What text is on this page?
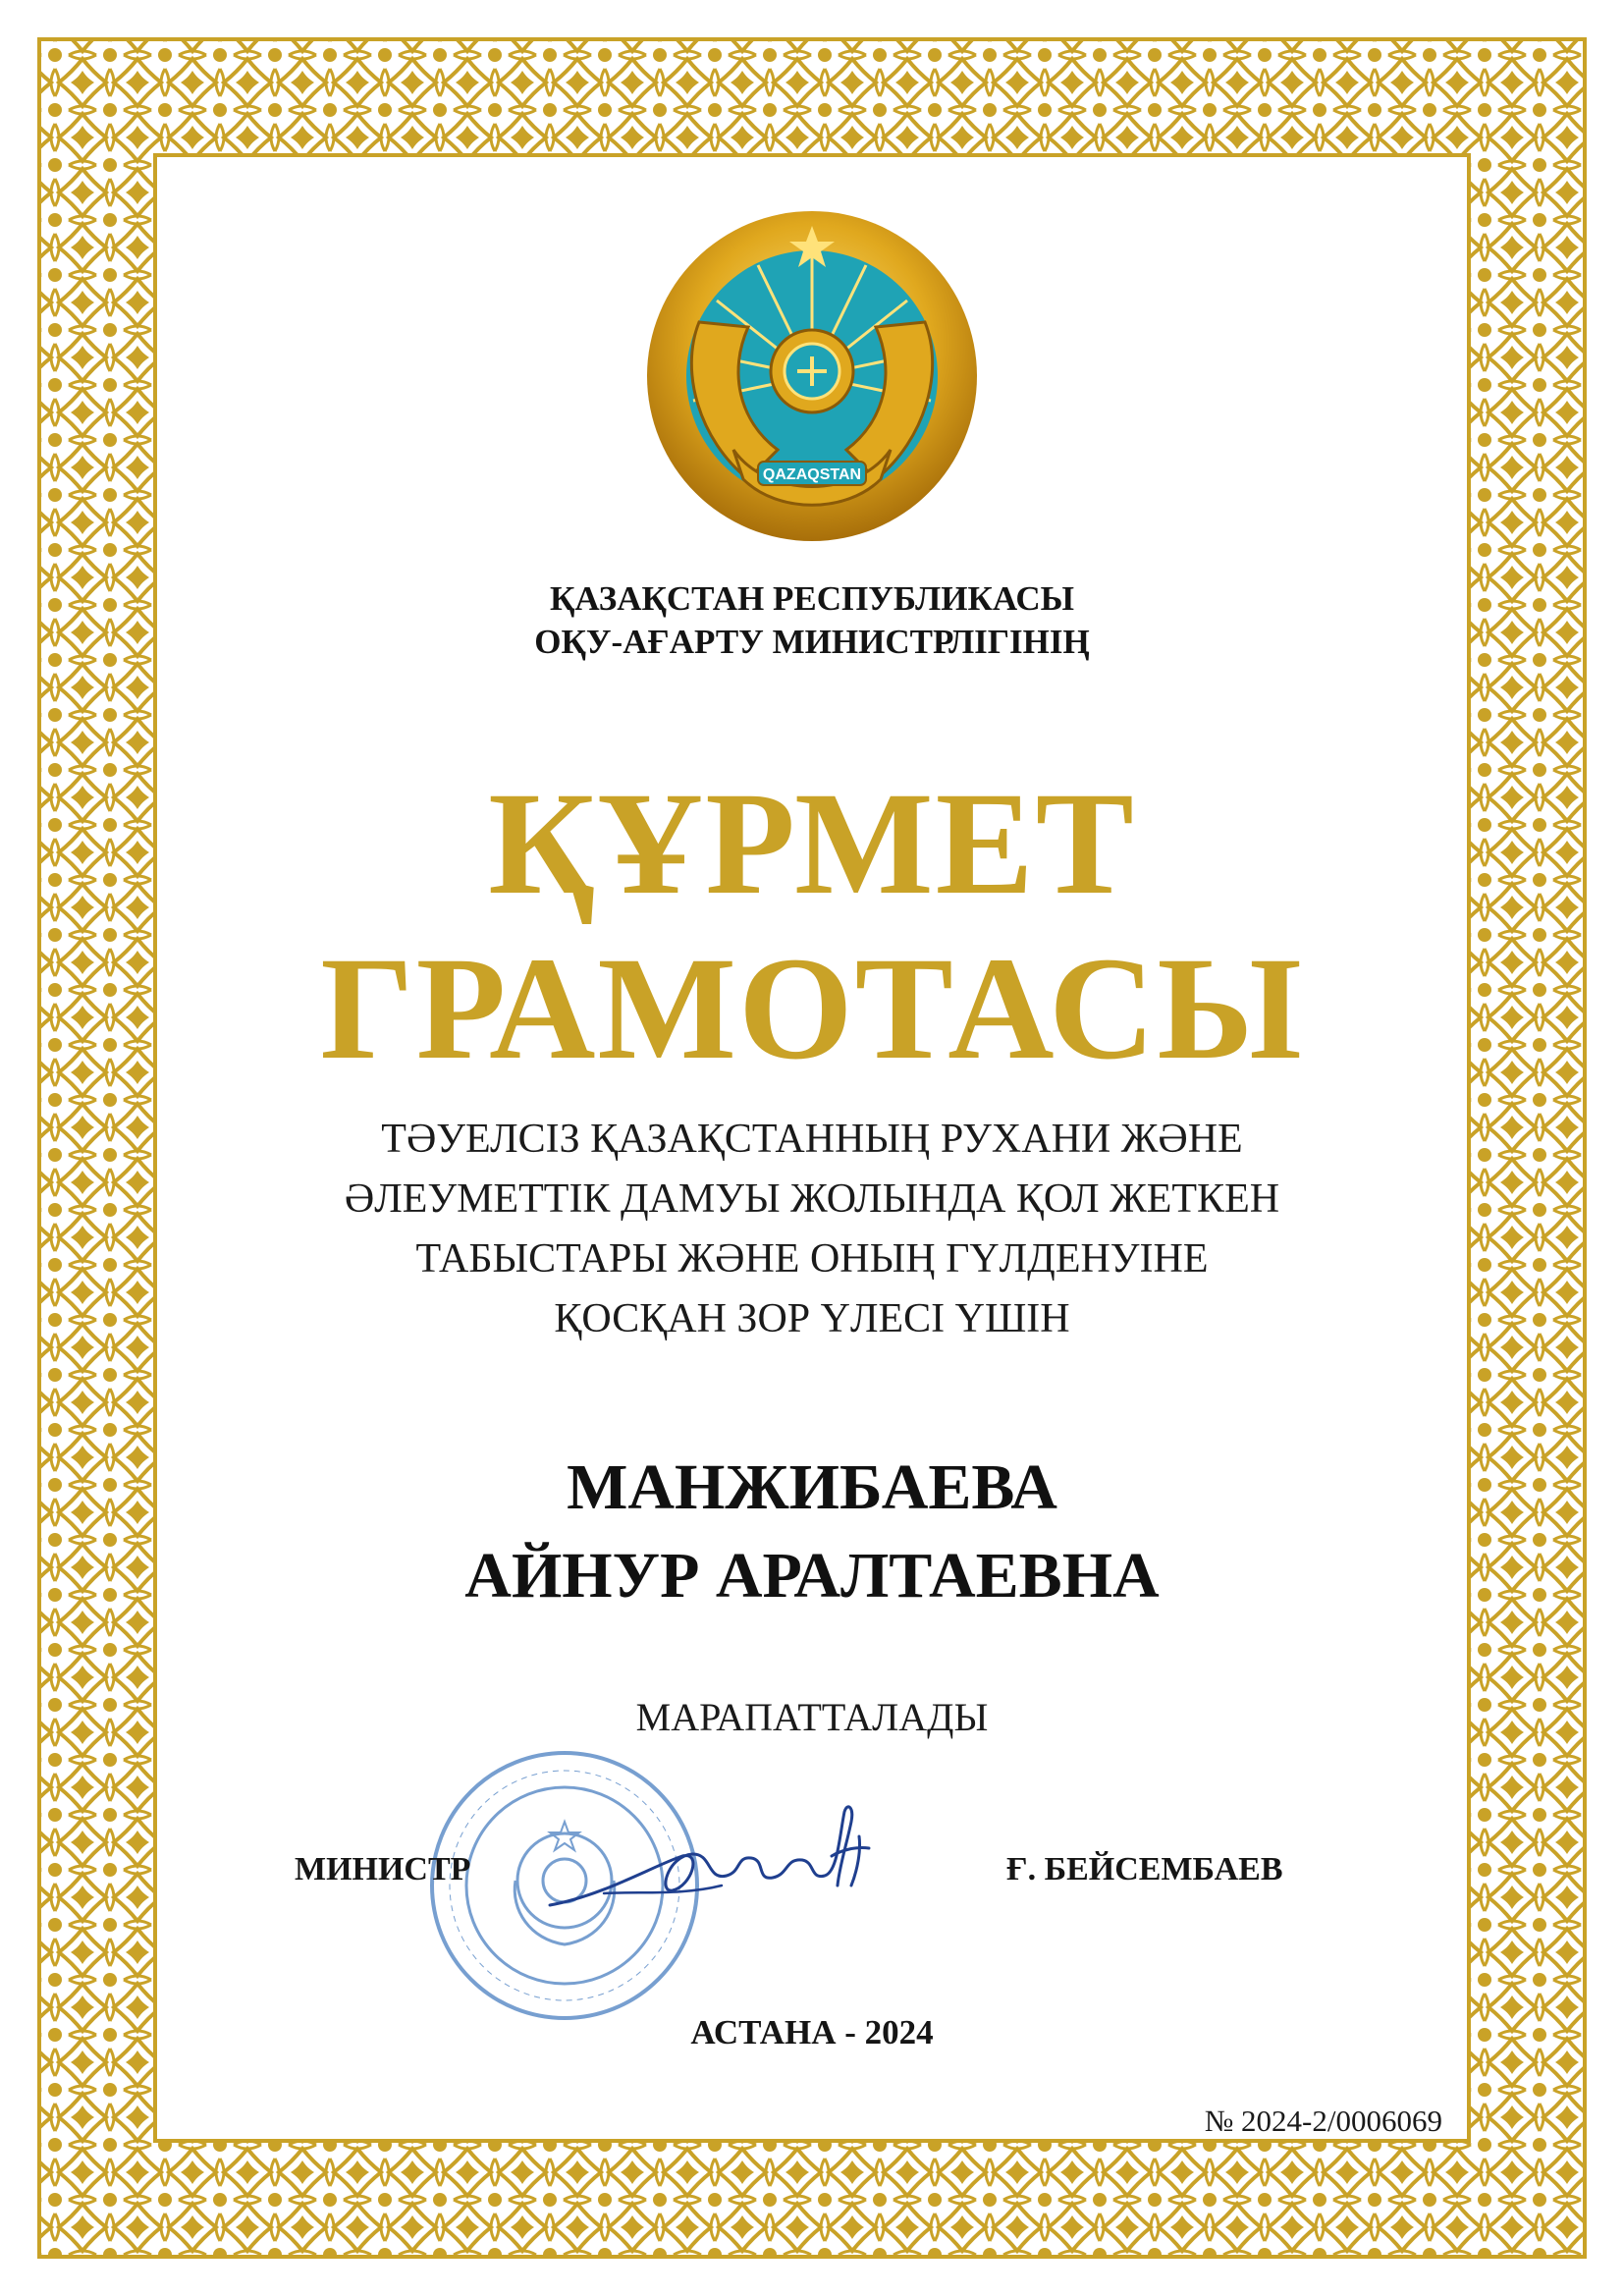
QAZAQSTAN
ҚАЗАҚСТАН РЕСПУБЛИКАСЫ
ОҚУ-АҒАРТУ МИНИСТРЛІГІНІҢ
ҚҰРМЕТ
ГРАМОТАСЫ
ТӘУЕЛСІЗ ҚАЗАҚСТАННЫҢ РУХАНИ ЖӘНЕ
ӘЛЕУМЕТТІК ДАМУЫ ЖОЛЫНДА ҚОЛ ЖЕТКЕН
ТАБЫСТАРЫ ЖӘНЕ ОНЫҢ ГҮЛДЕНУІНЕ
ҚОСҚАН ЗОР ҮЛЕСІ ҮШІН
МАНЖИБАЕВА
АЙНУР АРАЛТАЕВНА
МАРАПАТТАЛАДЫ
МИНИСТР	Ғ. БЕЙСЕМБАЕВ
АСТАНА - 2024
№ 2024-2/0006069
